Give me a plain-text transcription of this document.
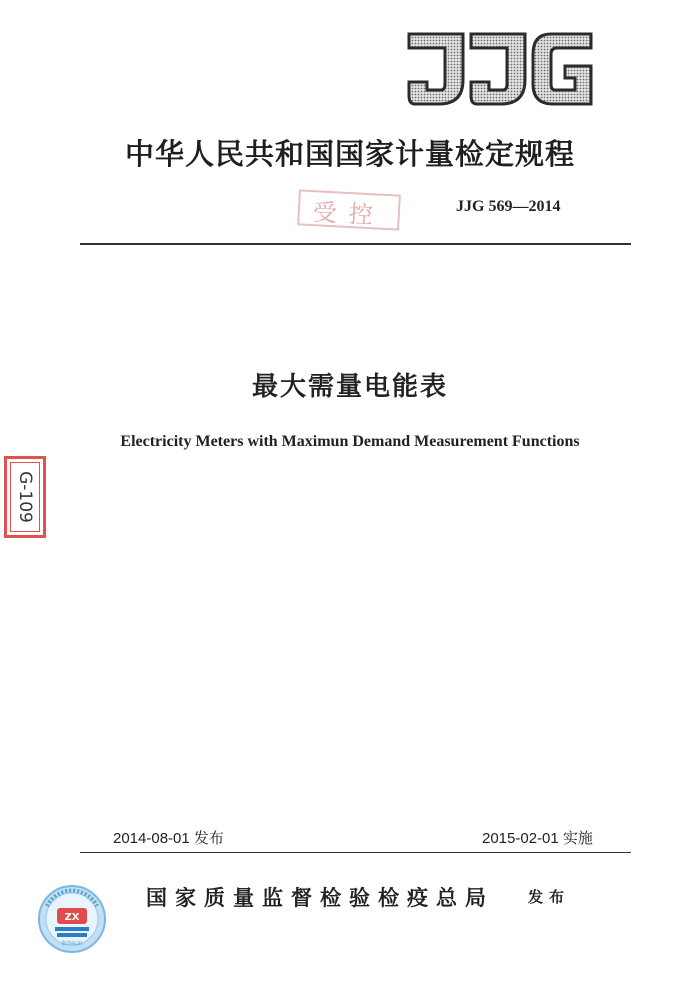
中华人民共和国国家计量检定规程
受控	JJG 569—2014
最大需量电能表
Electricity Meters with Maximun Demand Measurement Functions
G-109
2014-08-01 发布	2015-02-01 实施
ZX
防伪标识
国家质量监督检验检疫总局 发布
